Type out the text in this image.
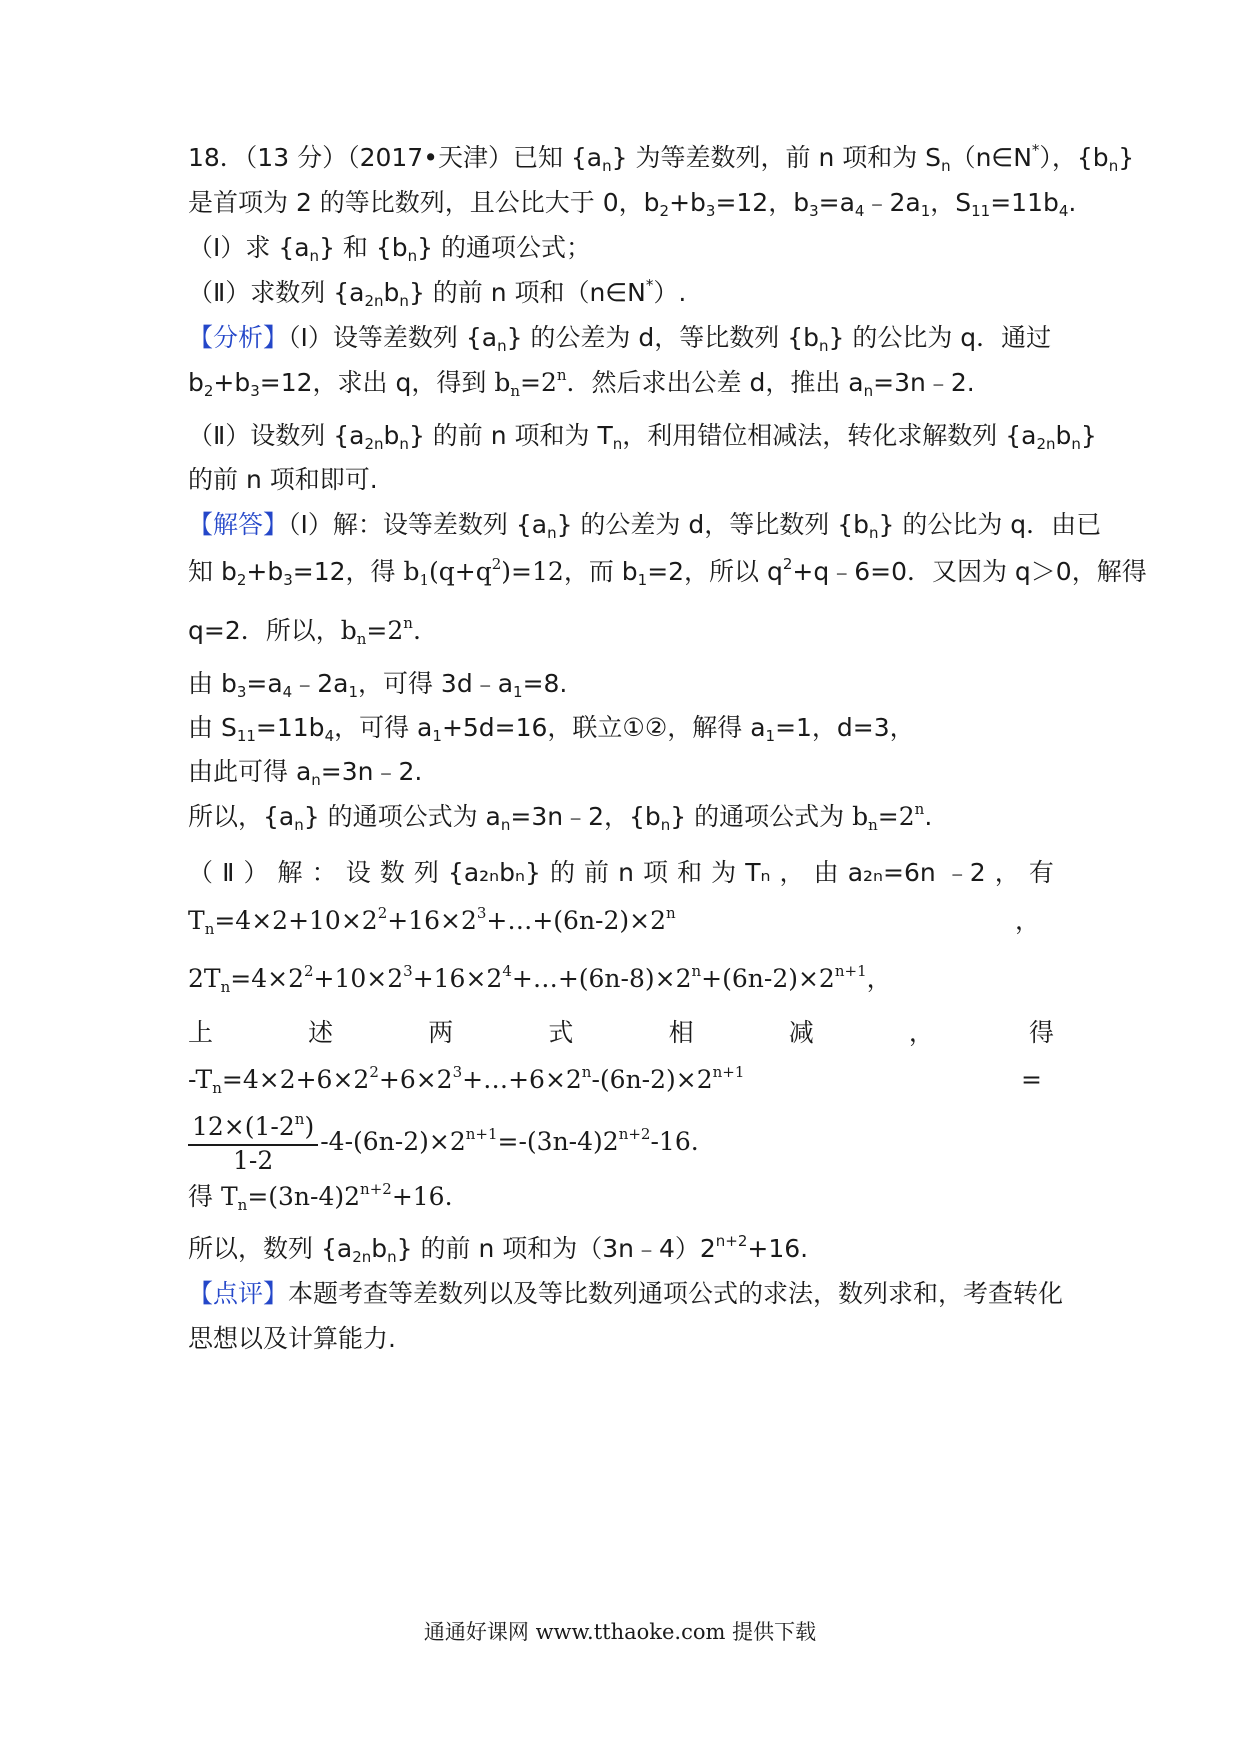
18．（13 分）（2017•天津）已知 $\{a_n\}$ 为等差数列，前 n 项和为 $S_n(n\in N^*)$，$\{b_n\}$
是首项为 2 的等比数列，且公比大于 0，$b_2+b_3=12$，$b_3=a_4﹣2a_1$，$S_{11}=11b_4$.
（Ⅰ）求 $\{a_n\}$ 和 $\{b_n\}$ 的通项公式；
（Ⅱ）求数列 $\{a_{2n}b_n\}$ 的前 n 项和（n∈N*）.
【分析】（Ⅰ）设等差数列 $\{a_n\}$ 的公差为 d，等比数列 $\{b_n\}$ 的公比为 q．通过
$b_2+b_3=12$，求出 q，得到 $b_n=2^n$．然后求出公差 d，推出 $a_n=3n﹣2$.
（Ⅱ）设数列 $\{a_{2n}b_n\}$ 的前 n 项和为 $T_n$，利用错位相减法，转化求解数列 $\{a_{2n}b_n\}$
的前 n 项和即可.
【解答】（Ⅰ）解：设等差数列 $\{a_n\}$ 的公差为 d，等比数列 $\{b_n\}$ 的公比为 q．由已
知 $b_2+b_3=12$，得 $b_1(q+q^2)=12$，而 $b_1=2$，所以 $q^2+q﹣6=0$．又因为 q＞0，解得
q=2．所以，$b_n=2^n$.
由 $b_3=a_4﹣2a_1$，可得 $3d﹣a_1=8$.
由 $S_{11}=11b_4$，可得 $a_1+5d=16$，联立①②，解得 $a_1=1$，d=3，
由此可得 $a_n=3n﹣2$.
所以，$\{a_n\}$ 的通项公式为 $a_n=3n﹣2$，$\{b_n\}$ 的通项公式为 $b_n=2^n$.
（ Ⅱ ） 解 ： 设 数 列 {a₂ₙbₙ} 的 前 n 项 和 为 Tₙ ， 由 a₂ₙ=6n ﹣2 ， 有
$T_n=4\times 2+10\times 2^2+16\times 2^3+\dots+(6n-2)\times 2^n$	，
$2T_n=4\times 2^2+10\times 2^3+16\times 2^4+\dots+(6n-8)\times 2^n+(6n-2)\times 2^{n+1}$，
上	述	两	式	相	减	，	得
$-T_n=4\times 2+6\times 2^2+6\times 2^3+\dots+6\times 2^n-(6n-2)\times 2^{n+1}$	=
$\frac{12\times(1-2^n)}{1-2} -4-(6n-2)\times 2^{n+1}=-(3n-4)2^{n+2}-16$.
得 $T_n=(3n-4)2^{n+2}+16$.
所以，数列 $\{a_{2n}b_n\}$ 的前 n 项和为$(3n﹣4)2^{n+2}+16$.
【点评】本题考查等差数列以及等比数列通项公式的求法，数列求和，考查转化
思想以及计算能力.
通通好课网 www.tthaoke.com 提供下载
